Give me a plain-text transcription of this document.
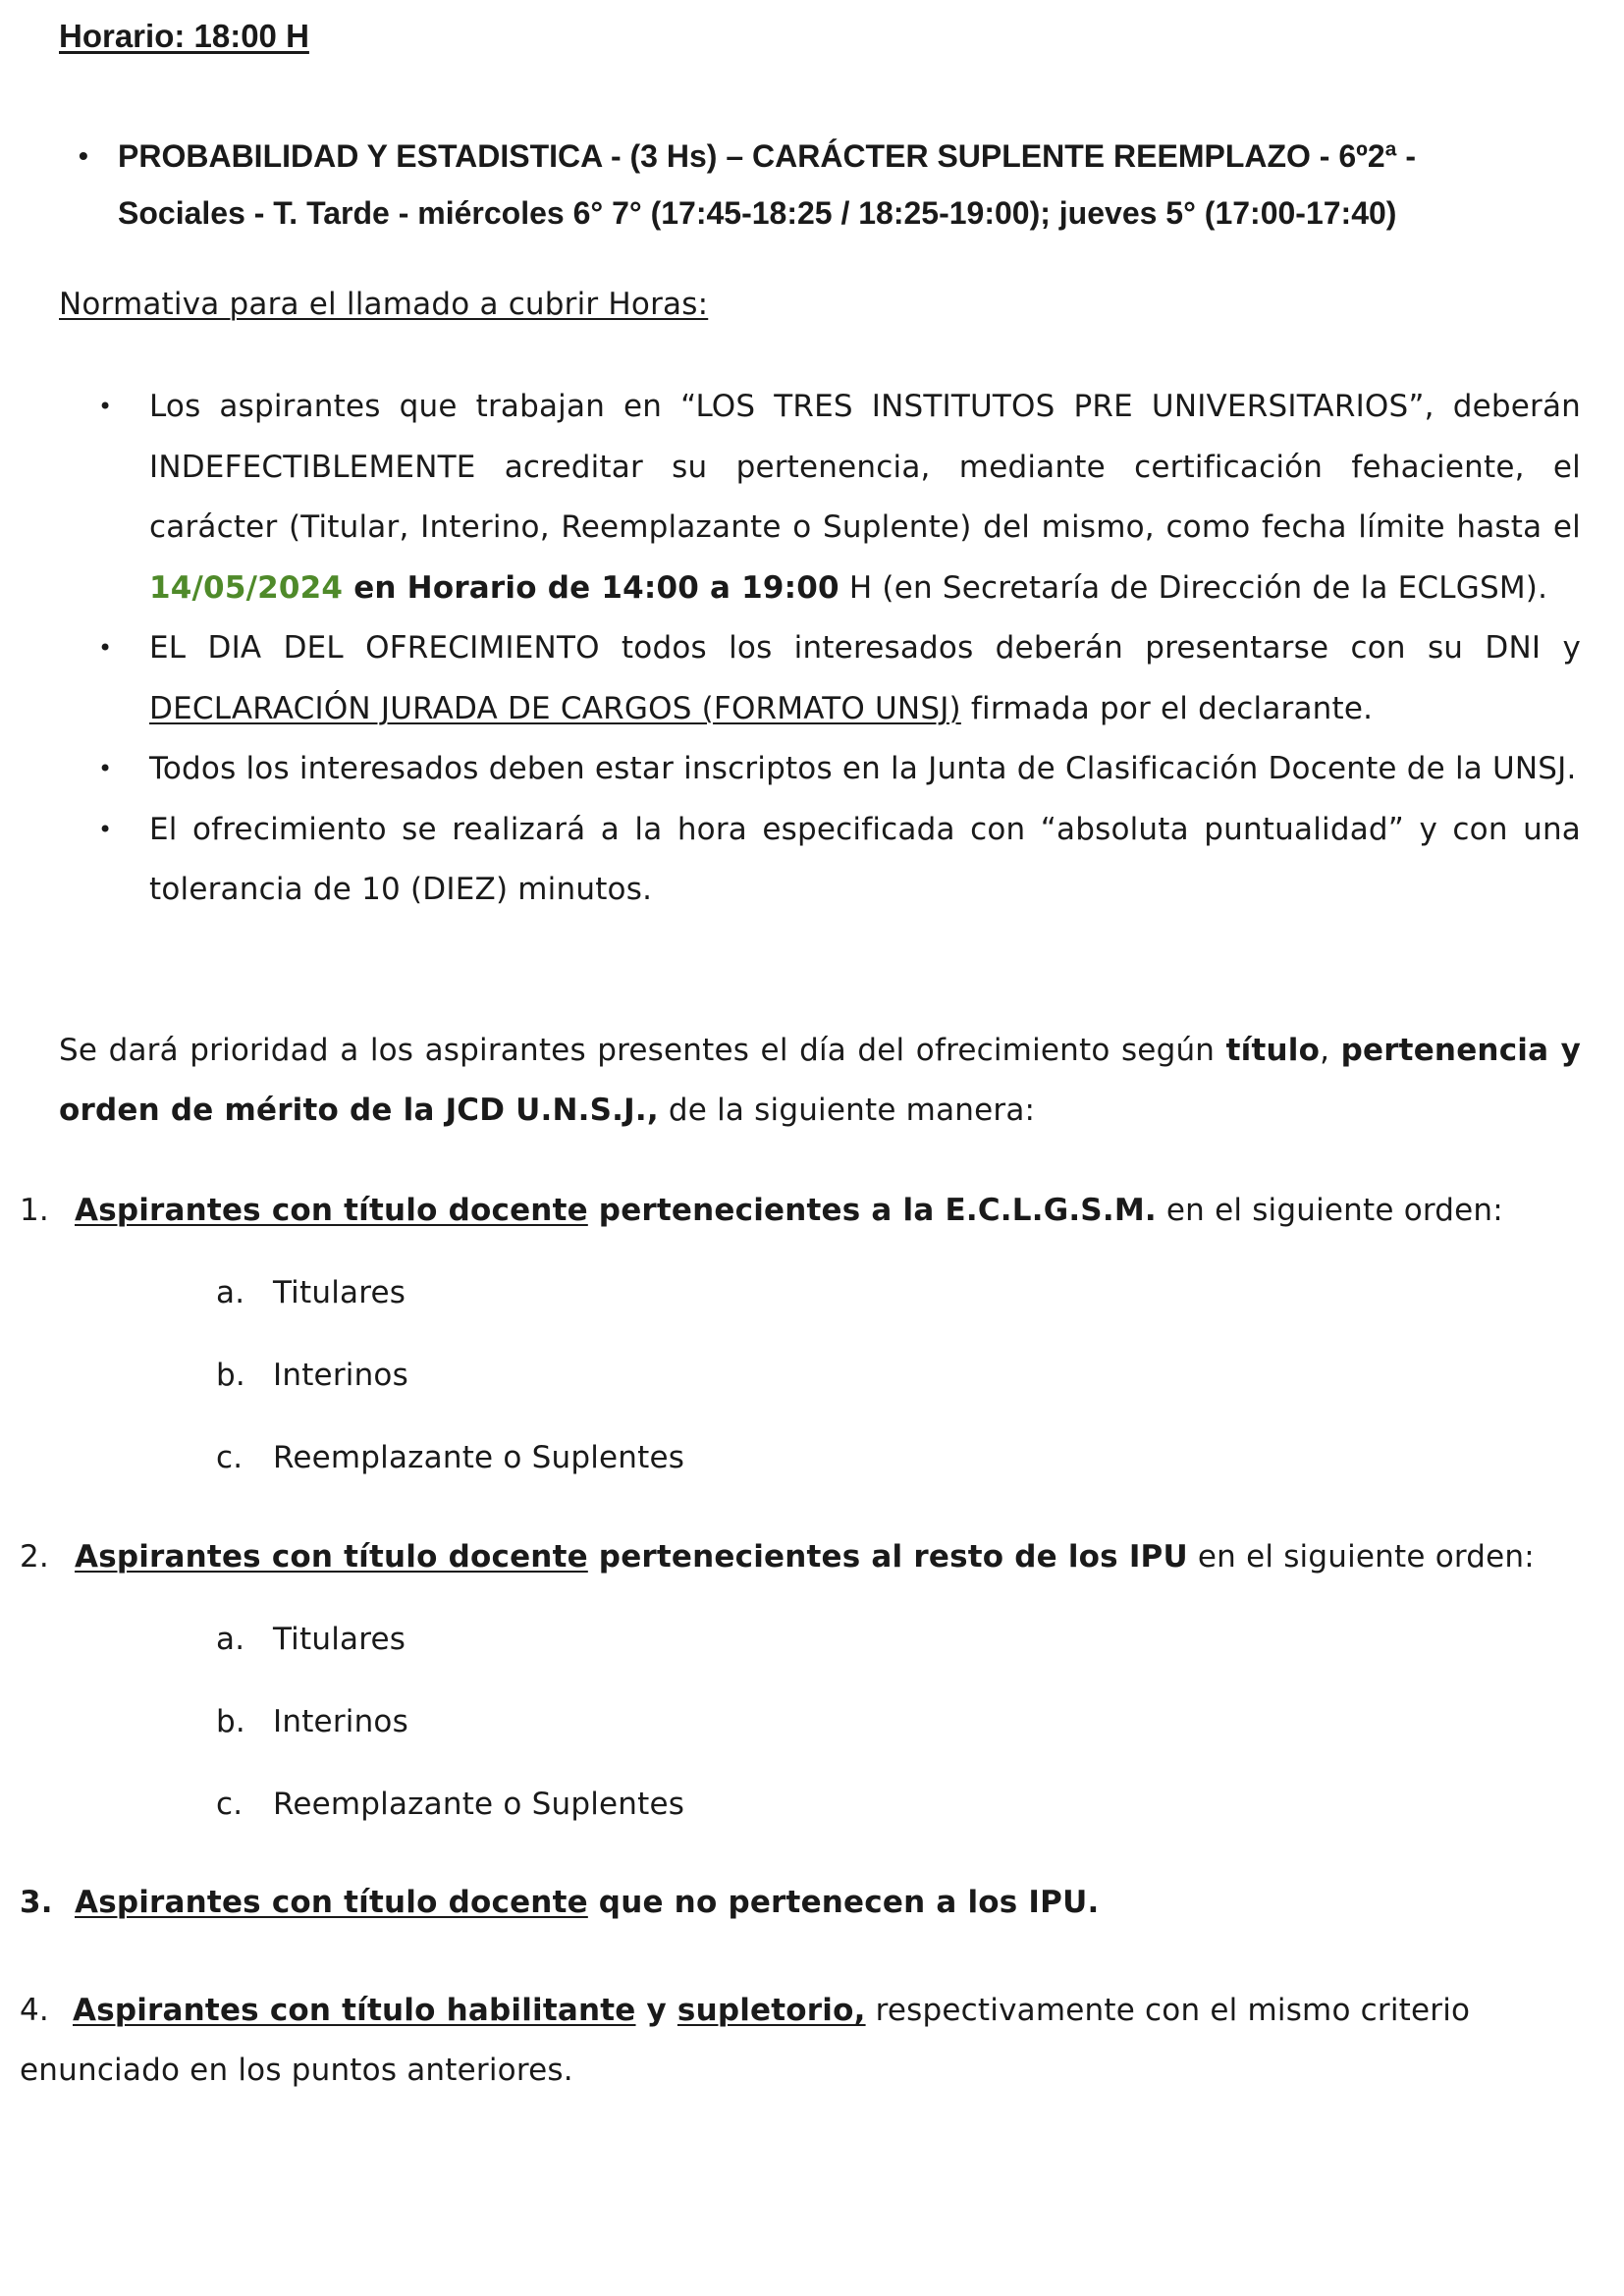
Horario: 18:00 H
• PROBABILIDAD Y ESTADISTICA - (3 Hs) – CARÁCTER SUPLENTE REEMPLAZO - 6º2ª -
Sociales - T. Tarde - miércoles 6° 7° (17:45-18:25 / 18:25-19:00); jueves 5° (17:00-17:40)
Normativa para el llamado a cubrir Horas:
• Los aspirantes que trabajan en “LOS TRES INSTITUTOS PRE UNIVERSITARIOS”, deberán INDEFECTIBLEMENTE acreditar su pertenencia, mediante certificación fehaciente, el carácter (Titular, Interino, Reemplazante o Suplente) del mismo, como fecha límite hasta el 14/05/2024 en Horario de 14:00 a 19:00 H (en Secretaría de Dirección de la ECLGSM).
• EL DIA DEL OFRECIMIENTO todos los interesados deberán presentarse con su DNI y DECLARACIÓN JURADA DE CARGOS (FORMATO UNSJ) firmada por el declarante.
• Todos los interesados deben estar inscriptos en la Junta de Clasificación Docente de la UNSJ.
• El ofrecimiento se realizará a la hora especificada con “absoluta puntualidad” y con una tolerancia de 10 (DIEZ) minutos.
Se dará prioridad a los aspirantes presentes el día del ofrecimiento según título, pertenencia y orden de mérito de la JCD U.N.S.J., de la siguiente manera:
1. Aspirantes con título docente pertenecientes a la E.C.L.G.S.M. en el siguiente orden:
a. Titulares
b. Interinos
c. Reemplazante o Suplentes
2. Aspirantes con título docente pertenecientes al resto de los IPU en el siguiente orden:
a. Titulares
b. Interinos
c. Reemplazante o Suplentes
3. Aspirantes con título docente que no pertenecen a los IPU.
4. Aspirantes con título habilitante y supletorio, respectivamente con el mismo criterio enunciado en los puntos anteriores.
